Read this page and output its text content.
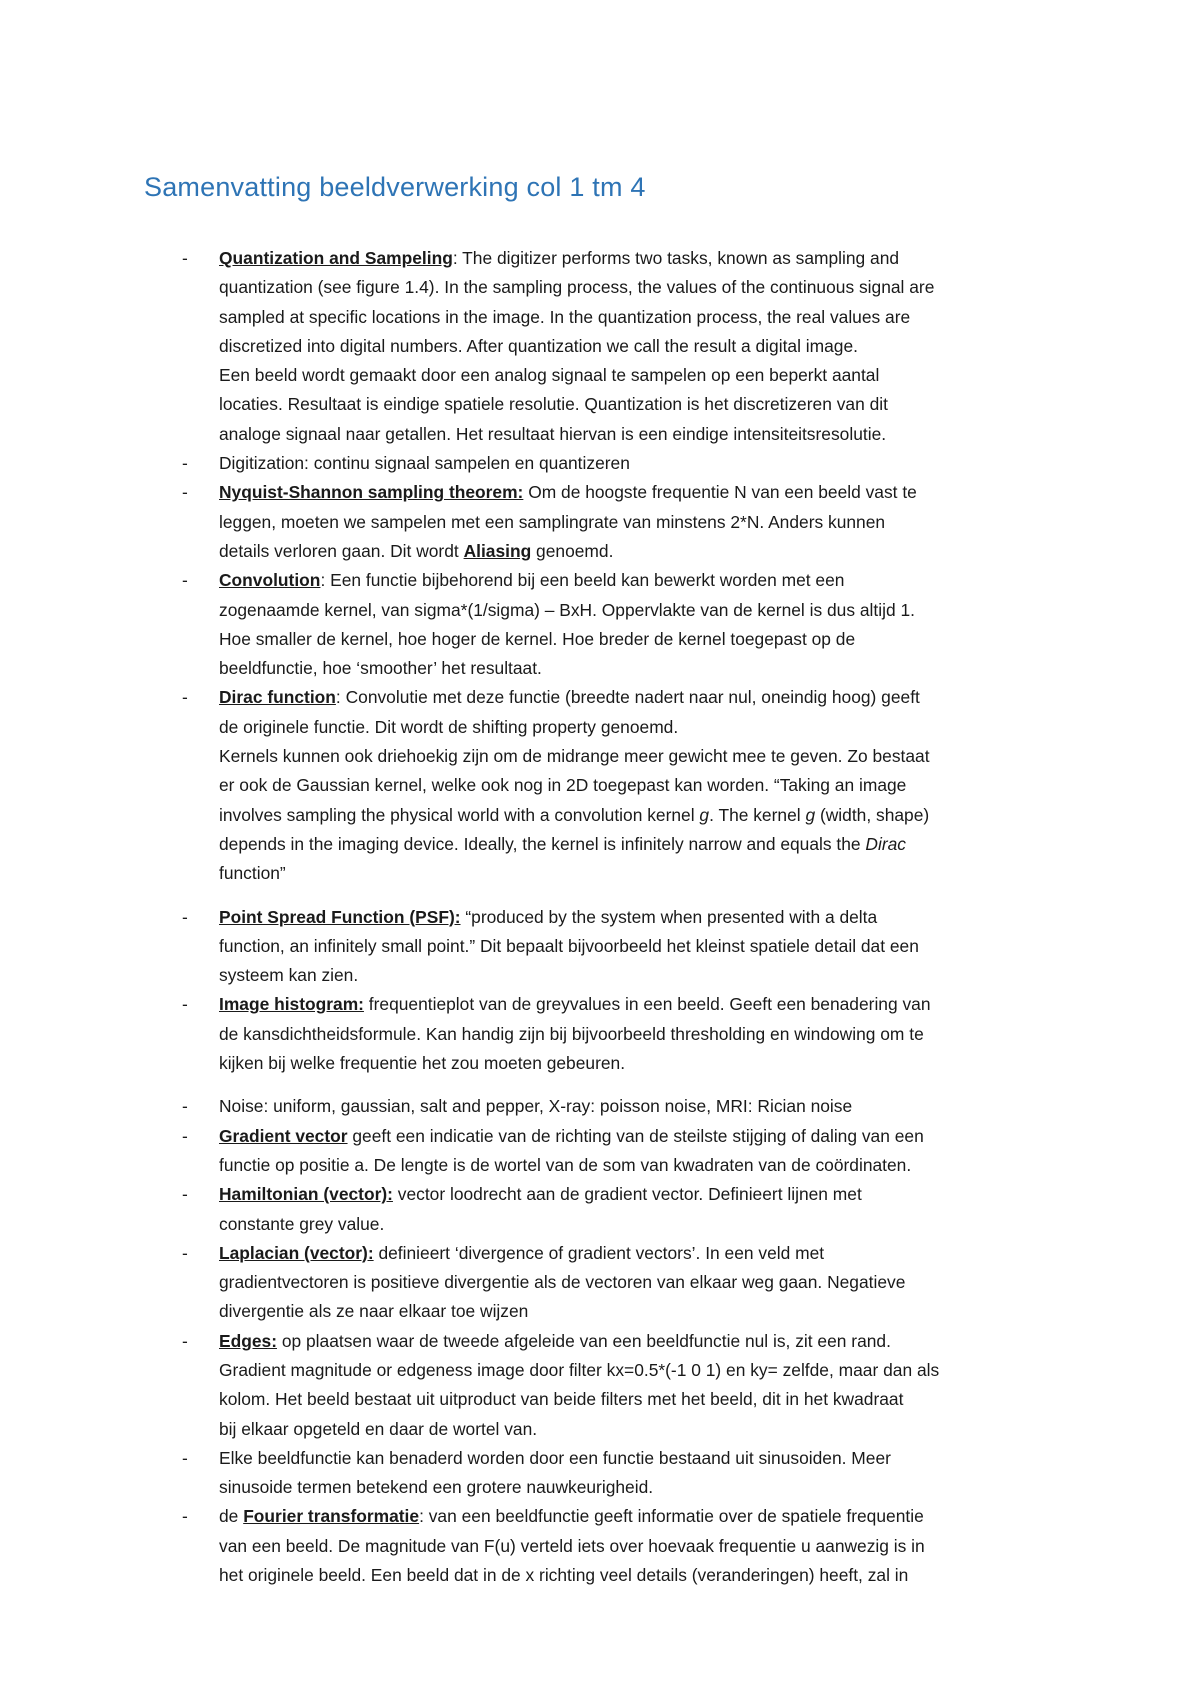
Samenvatting beeldverwerking col 1 tm 4
- Quantization and Sampeling: The digitizer performs two tasks, known as sampling and
quantization (see figure 1.4). In the sampling process, the values of the continuous signal are
sampled at specific locations in the image. In the quantization process, the real values are
discretized into digital numbers. After quantization we call the result a digital image.
Een beeld wordt gemaakt door een analog signaal te sampelen op een beperkt aantal
locaties. Resultaat is eindige spatiele resolutie. Quantization is het discretizeren van dit
analoge signaal naar getallen. Het resultaat hiervan is een eindige intensiteitsresolutie.
- Digitization: continu signaal sampelen en quantizeren
- Nyquist-Shannon sampling theorem: Om de hoogste frequentie N van een beeld vast te
leggen, moeten we sampelen met een samplingrate van minstens 2*N. Anders kunnen
details verloren gaan. Dit wordt Aliasing genoemd.
- Convolution: Een functie bijbehorend bij een beeld kan bewerkt worden met een
zogenaamde kernel, van sigma*(1/sigma) – BxH. Oppervlakte van de kernel is dus altijd 1.
Hoe smaller de kernel, hoe hoger de kernel. Hoe breder de kernel toegepast op de
beeldfunctie, hoe ‘smoother’ het resultaat.
- Dirac function: Convolutie met deze functie (breedte nadert naar nul, oneindig hoog) geeft
de originele functie. Dit wordt de shifting property genoemd.
Kernels kunnen ook driehoekig zijn om de midrange meer gewicht mee te geven. Zo bestaat
er ook de Gaussian kernel, welke ook nog in 2D toegepast kan worden. “Taking an image
involves sampling the physical world with a convolution kernel g. The kernel g (width, shape)
depends in the imaging device. Ideally, the kernel is infinitely narrow and equals the Dirac
function”
- Point Spread Function (PSF): “produced by the system when presented with a delta
function, an infinitely small point.” Dit bepaalt bijvoorbeeld het kleinst spatiele detail dat een
systeem kan zien.
- Image histogram: frequentieplot van de greyvalues in een beeld. Geeft een benadering van
de kansdichtheidsformule. Kan handig zijn bij bijvoorbeeld thresholding en windowing om te
kijken bij welke frequentie het zou moeten gebeuren.
- Noise: uniform, gaussian, salt and pepper, X-ray: poisson noise, MRI: Rician noise
- Gradient vector geeft een indicatie van de richting van de steilste stijging of daling van een
functie op positie a. De lengte is de wortel van de som van kwadraten van de coördinaten.
- Hamiltonian (vector): vector loodrecht aan de gradient vector. Definieert lijnen met
constante grey value.
- Laplacian (vector): definieert ‘divergence of gradient vectors’. In een veld met
gradientvectoren is positieve divergentie als de vectoren van elkaar weg gaan. Negatieve
divergentie als ze naar elkaar toe wijzen
- Edges: op plaatsen waar de tweede afgeleide van een beeldfunctie nul is, zit een rand.
Gradient magnitude or edgeness image door filter kx=0.5*(-1 0 1) en ky= zelfde, maar dan als
kolom. Het beeld bestaat uit uitproduct van beide filters met het beeld, dit in het kwadraat
bij elkaar opgeteld en daar de wortel van.
- Elke beeldfunctie kan benaderd worden door een functie bestaand uit sinusoiden. Meer
sinusoide termen betekend een grotere nauwkeurigheid.
- de Fourier transformatie: van een beeldfunctie geeft informatie over de spatiele frequentie
van een beeld. De magnitude van F(u) verteld iets over hoevaak frequentie u aanwezig is in
het originele beeld. Een beeld dat in de x richting veel details (veranderingen) heeft, zal in
